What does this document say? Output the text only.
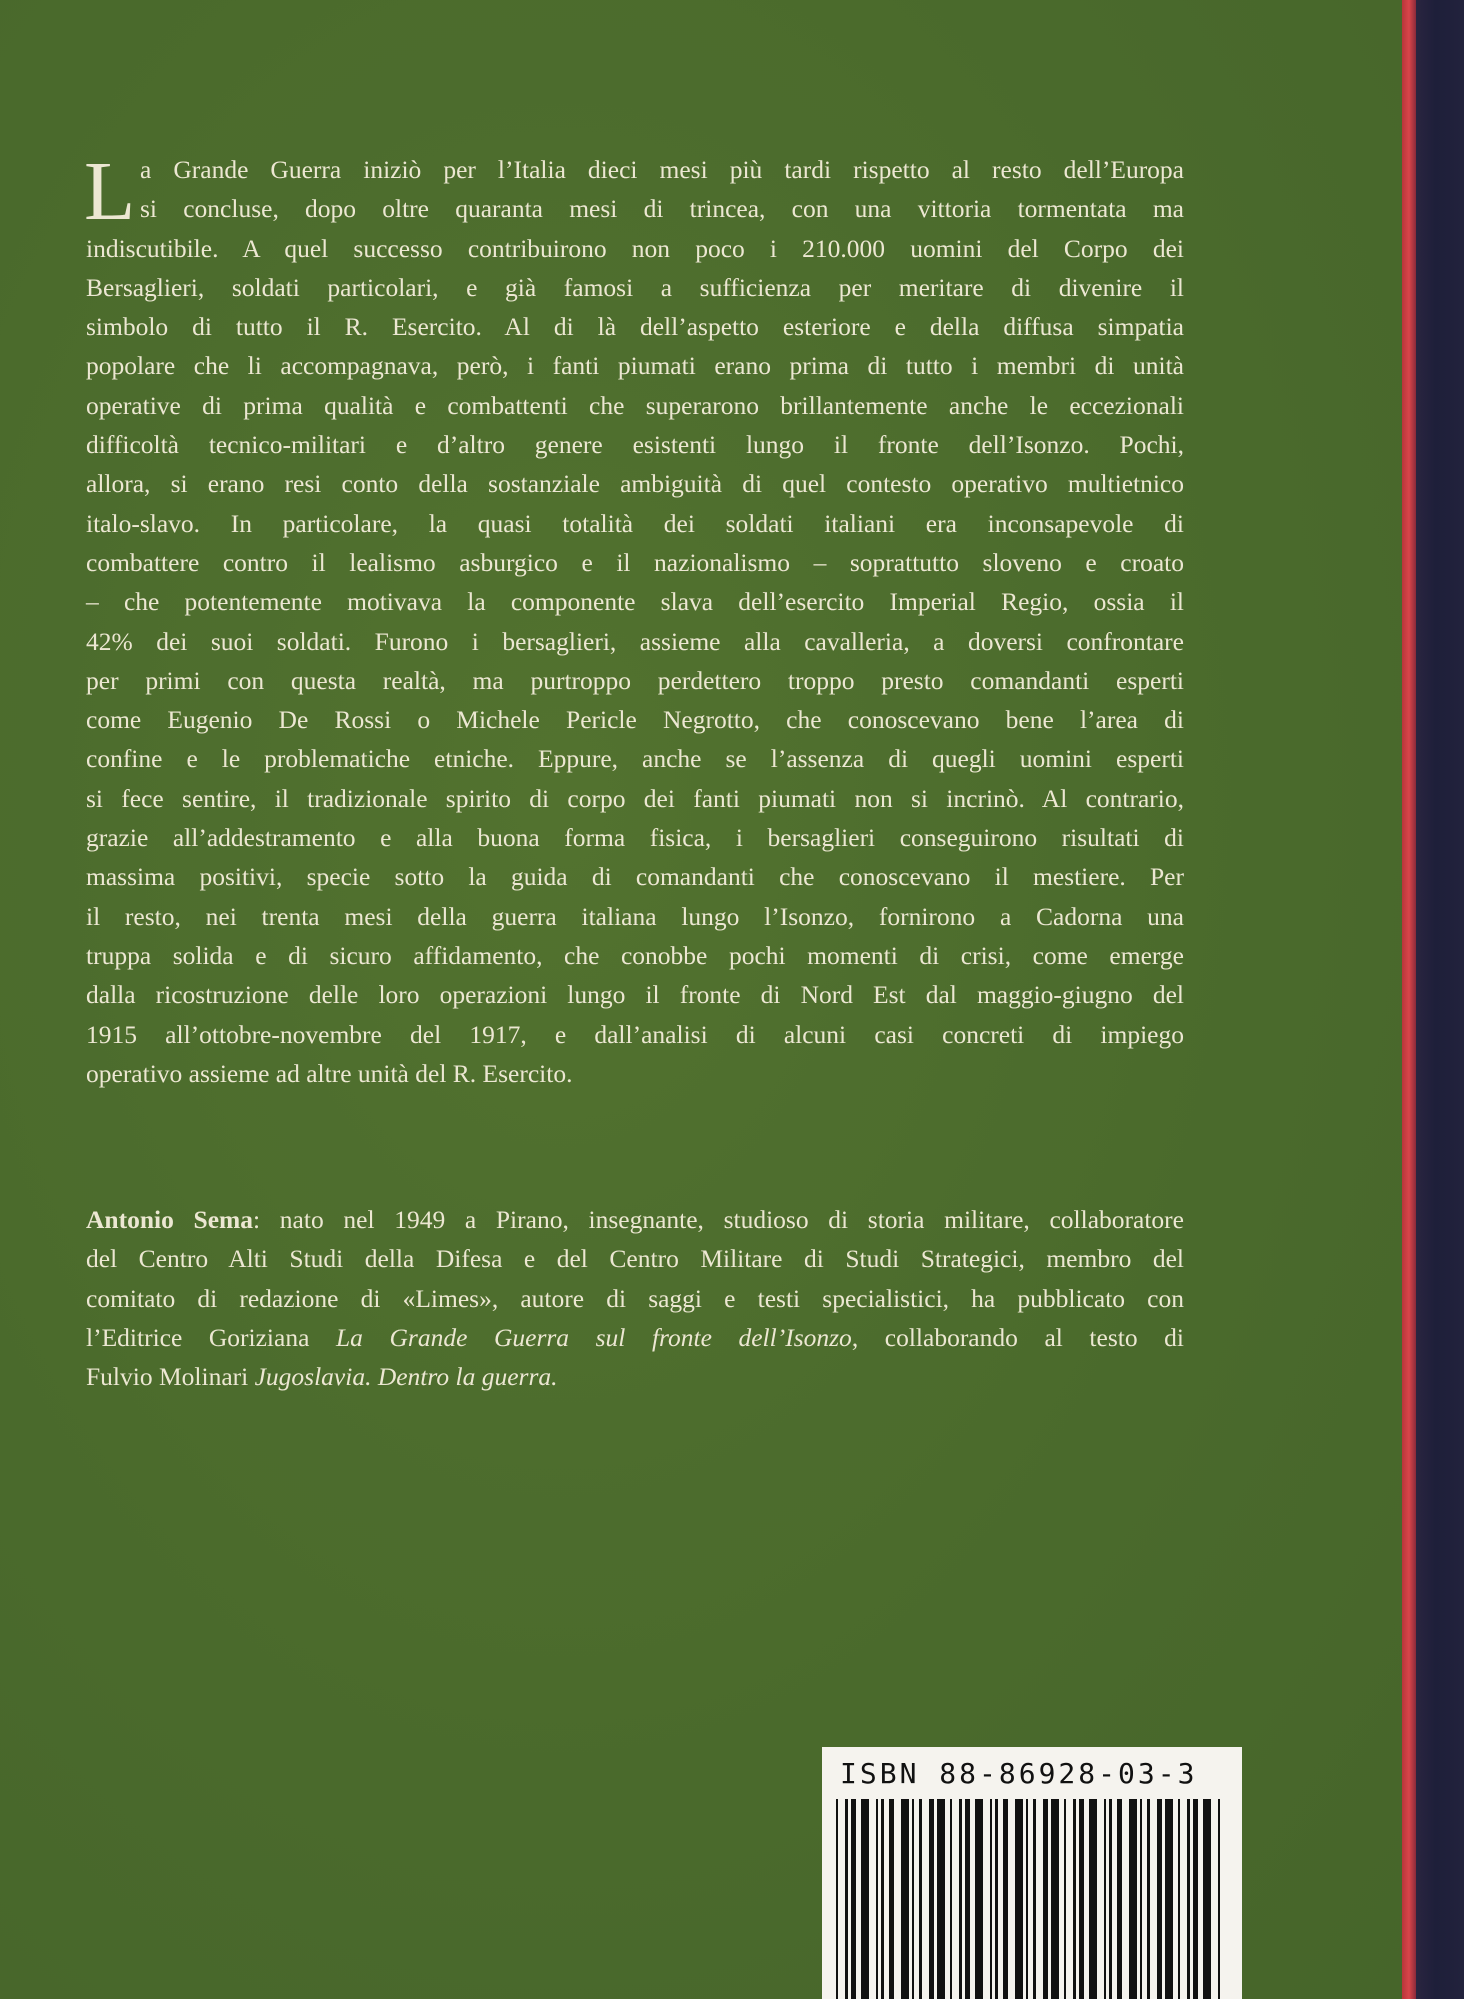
L a Grande Guerra iniziò per l’Italia dieci mesi più tardi rispetto al resto dell’Europa
si concluse, dopo oltre quaranta mesi di trincea, con una vittoria tormentata ma
indiscutibile. A quel successo contribuirono non poco i 210.000 uomini del Corpo dei
Bersaglieri, soldati particolari, e già famosi a sufficienza per meritare di divenire il
simbolo di tutto il R. Esercito. Al di là dell’aspetto esteriore e della diffusa simpatia
popolare che li accompagnava, però, i fanti piumati erano prima di tutto i membri di unità
operative di prima qualità e combattenti che superarono brillantemente anche le eccezionali
difficoltà tecnico-militari e d’altro genere esistenti lungo il fronte dell’Isonzo. Pochi,
allora, si erano resi conto della sostanziale ambiguità di quel contesto operativo multietnico
italo-slavo. In particolare, la quasi totalità dei soldati italiani era inconsapevole di
combattere contro il lealismo asburgico e il nazionalismo – soprattutto sloveno e croato
– che potentemente motivava la componente slava dell’esercito Imperial Regio, ossia il
42% dei suoi soldati. Furono i bersaglieri, assieme alla cavalleria, a doversi confrontare
per primi con questa realtà, ma purtroppo perdettero troppo presto comandanti esperti
come Eugenio De Rossi o Michele Pericle Negrotto, che conoscevano bene l’area di
confine e le problematiche etniche. Eppure, anche se l’assenza di quegli uomini esperti
si fece sentire, il tradizionale spirito di corpo dei fanti piumati non si incrinò. Al contrario,
grazie all’addestramento e alla buona forma fisica, i bersaglieri conseguirono risultati di
massima positivi, specie sotto la guida di comandanti che conoscevano il mestiere. Per
il resto, nei trenta mesi della guerra italiana lungo l’Isonzo, fornirono a Cadorna una
truppa solida e di sicuro affidamento, che conobbe pochi momenti di crisi, come emerge
dalla ricostruzione delle loro operazioni lungo il fronte di Nord Est dal maggio-giugno del
1915 all’ottobre-novembre del 1917, e dall’analisi di alcuni casi concreti di impiego
operativo assieme ad altre unità del R. Esercito.
Antonio Sema: nato nel 1949 a Pirano, insegnante, studioso di storia militare, collaboratore
del Centro Alti Studi della Difesa e del Centro Militare di Studi Strategici, membro del
comitato di redazione di «Limes», autore di saggi e testi specialistici, ha pubblicato con
l’Editrice Goriziana La Grande Guerra sul fronte dell’Isonzo, collaborando al testo di
Fulvio Molinari Jugoslavia. Dentro la guerra.
ISBN 88-86928-03-3
